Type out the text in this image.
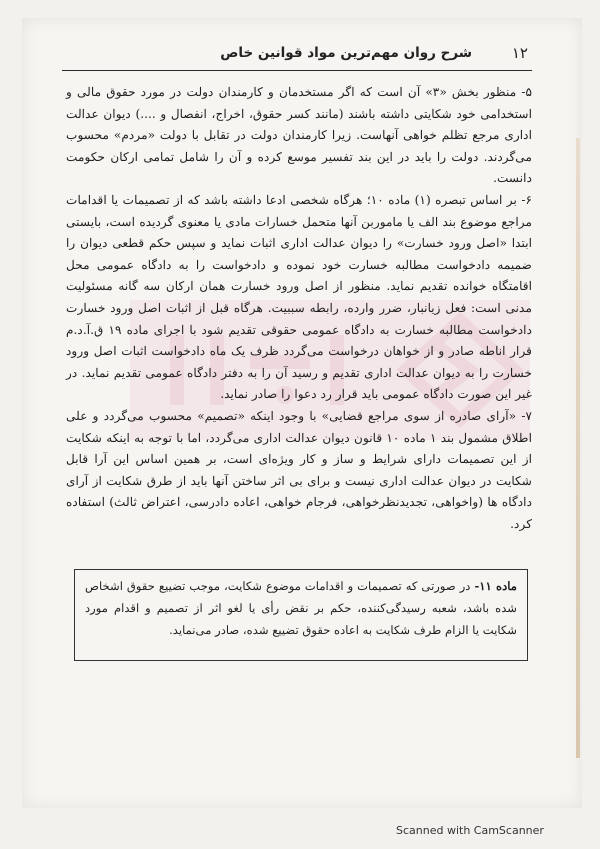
۱۲
شرح روان مهم‌ترین مواد قوانین خاص

۵- منظور بخش «۳» آن است که اگر مستخدمان و کارمندان دولت در مورد حقوق مالی و استخدامی خود شکایتی داشته باشند (مانند کسر حقوق، اخراج، انفصال و ....) دیوان عدالت اداری مرجع تظلم خواهی آنهاست. زیرا کارمندان دولت در تقابل با دولت «مردم» محسوب می‌گردند. دولت را باید در این بند تفسیر موسع کرده و آن را شامل تمامی ارکان حکومت دانست.

۶- بر اساس تبصره (۱) ماده ۱۰؛ هرگاه شخصی ادعا داشته باشد که از تصمیمات یا اقدامات مراجع موضوع بند الف یا ماموربن آنها متحمل خسارات مادی یا معنوی گردیده است، بایستی ابتدا «اصل ورود خسارت» را دیوان عدالت اداری اثبات نماید و سپس حکم قطعی دیوان را ضمیمه دادخواست مطالبه خسارت خود نموده و دادخواست را به دادگاه عمومی محل اقامتگاه خوانده تقدیم نماید. منظور از اصل ورود خسارت همان ارکان سه گانه مسئولیت مدنی است: فعل زیانبار، ضرر وارده، رابطه سببیت. هرگاه قبل از اثبات اصل ورود خسارت دادخواست مطالبه خسارت به دادگاه عمومی حقوقی تقدیم شود با اجرای ماده ۱۹ ق.آ.د.م قرار اناطه صادر و از خواهان درخواست می‌گردد ظرف یک ماه دادخواست اثبات اصل ورود خسارت را به دیوان عدالت اداری تقدیم و رسید آن را به دفتر دادگاه عمومی تقدیم نماید. در غیر این صورت دادگاه عمومی باید قرار رد دعوا را صادر نماید.

۷- «آرای صادره از سوی مراجع قضایی» با وجود اینکه «تصمیم» محسوب می‌گردد و علی اطلاق مشمول بند ۱ ماده ۱۰ قانون دیوان عدالت اداری می‌گردد، اما با توجه به اینکه شکایت از این تصمیمات دارای شرایط و ساز و کار ویژه‌ای است، بر همین اساس این آرا قابل شکایت در دیوان عدالت اداری نیست و برای بی اثر ساختن آنها باید از طرق شکایت از آرای دادگاه ها (واخواهی، تجدیدنظرخواهی، فرجام خواهی، اعاده دادرسی، اعتراض ثالث) استفاده کرد.

ماده ۱۱- در صورتی که تصمیمات و اقدامات موضوع شکایت، موجب تضییع حقوق اشخاص شده باشد، شعبه رسیدگی‌کننده، حکم بر نقض رأی یا لغو اثر از تصمیم و اقدام مورد شکایت یا الزام طرف شکایت به اعاده حقوق تضییع شده، صادر می‌نماید.
Scanned with CamScanner
